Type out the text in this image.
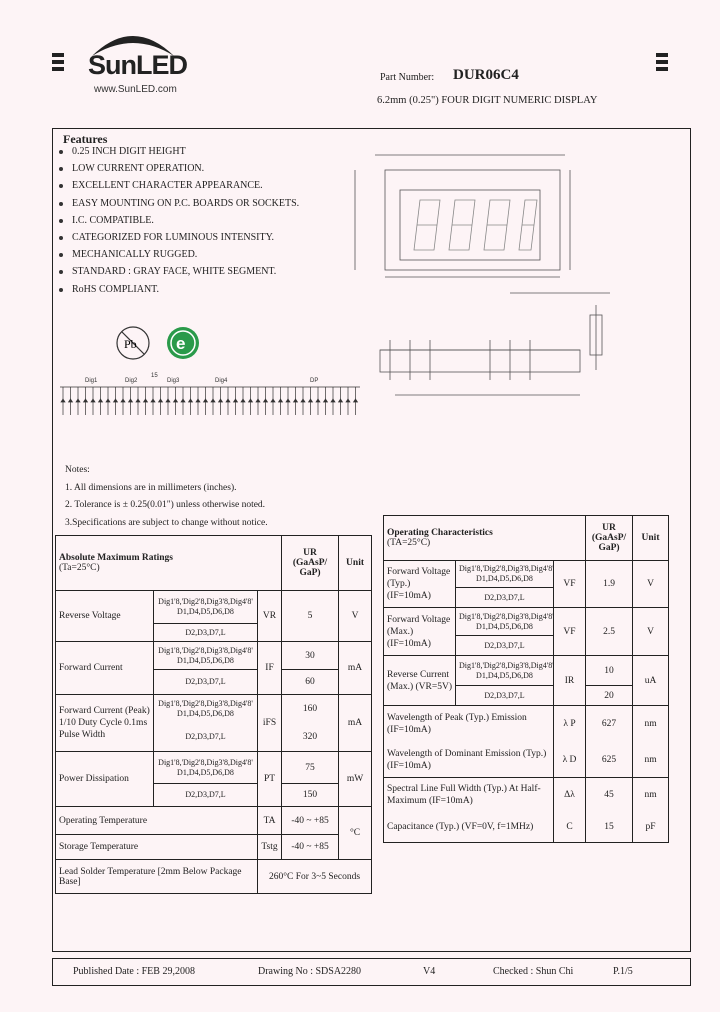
SunLED
www.SunLED.com
Part Number: DUR06C4
6.2mm (0.25") FOUR DIGIT NUMERIC DISPLAY
Features
0.25 INCH DIGIT HEIGHT
LOW CURRENT OPERATION.
EXCELLENT CHARACTER APPEARANCE.
EASY MOUNTING ON P.C. BOARDS OR SOCKETS.
I.C. COMPATIBLE.
CATEGORIZED FOR LUMINOUS INTENSITY.
MECHANICALLY RUGGED.
STANDARD : GRAY FACE, WHITE SEGMENT.
RoHS COMPLIANT.
Pb e
Dig1	Dig2
15
Dig3	Dig4	DP
Notes:
1. All dimensions are in millimeters (inches).
2. Tolerance is ± 0.25(0.01") unless otherwise noted.
3.Specifications are subject to change without notice.
Absolute Maximum Ratings
(Ta=25°C)			UR (GaAsP/ GaP)	Unit
Reverse Voltage	Dig1'8,'Dig2'8,Dig3'8,Dig4'8' D1,D4,D5,D6,D8	VR	5	V
	D2,D3,D7,L			
Forward Current	Dig1'8,'Dig2'8,Dig3'8,Dig4'8' D1,D4,D5,D6,D8	IF	30	mA
	D2,D3,D7,L		60	
Forward Current (Peak) 1/10 Duty Cycle 0.1ms Pulse Width	Dig1'8,'Dig2'8,Dig3'8,Dig4'8' D1,D4,D5,D6,D8	iFS	160	mA
	D2,D3,D7,L		320	
Power Dissipation	Dig1'8,'Dig2'8,Dig3'8,Dig4'8' D1,D4,D5,D6,D8	PT	75	mW
	D2,D3,D7,L		150	
Operating Temperature		TA	-40 ~ +85	°C
Storage Temperature		Tstg	-40 ~ +85	
Lead Solder Temperature [2mm Below Package Base]		260°C For 3~5 Seconds		
Operating Characteristics
(TA=25°C)			UR (GaAsP/ GaP)	Unit
Forward Voltage (Typ.) (IF=10mA)	Dig1'8,'Dig2'8,Dig3'8,Dig4'8' D1,D4,D5,D6,D8	VF	1.9	V
	D2,D3,D7,L			
Forward Voltage (Max.) (IF=10mA)	Dig1'8,'Dig2'8,Dig3'8,Dig4'8' D1,D4,D5,D6,D8	VF	2.5	V
	D2,D3,D7,L			
Reverse Current (Max.) (VR=5V)	Dig1'8,'Dig2'8,Dig3'8,Dig4'8' D1,D4,D5,D6,D8	IR	10	uA
	D2,D3,D7,L		20	
Wavelength of Peak (Typ.) Emission (IF=10mA)		λ P	627	nm
Wavelength of Dominant Emission (Typ.) (IF=10mA)		λ D	625	nm
Spectral Line Full Width (Typ.) At Half-Maximum (IF=10mA)		Δλ	45	nm
Capacitance (Typ.) (VF=0V, f=1MHz)		C	15	pF
Published Date : FEB 29,2008	Drawing No : SDSA2280	V4	Checked : Shun Chi	P.1/5
